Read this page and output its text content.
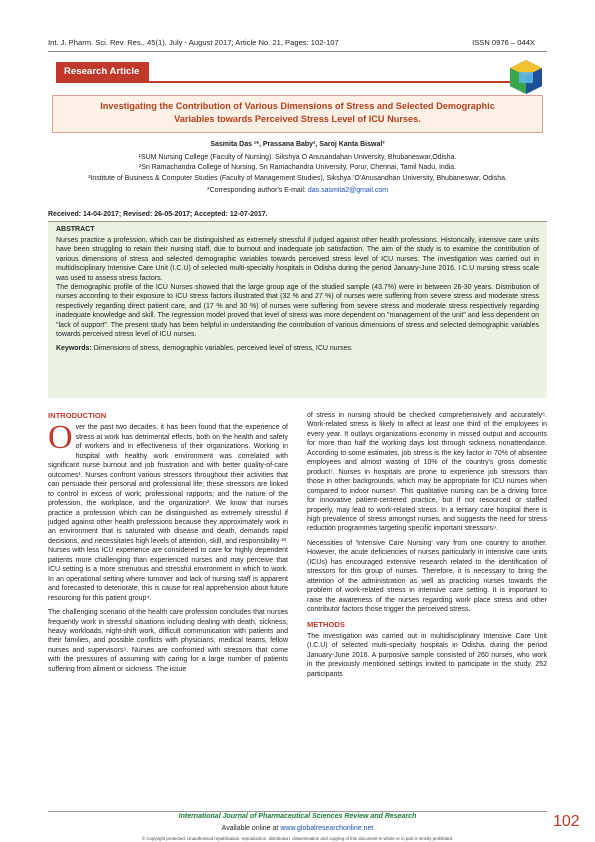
Int. J. Pharm. Sci. Rev. Res., 45(1), July - August 2017; Article No. 21, Pages: 102-107	ISSN 0976 – 044X
Research Article
Investigating the Contribution of Various Dimensions of Stress and Selected Demographic
Variables towards Perceived Stress Level of ICU Nurses.
Sasmita Das ¹*, Prassana Baby², Saroj Kanta Biswal³
¹SUM Nursing College (Faculty of Nursing). Sikshya O Anusandahan University, Bhubaneswar,Odisha.
²Sri Ramachandra College of Nursing, Sri Ramachandra University, Porur, Chennai, Tamil Nadu, India.
³Institute of Business & Computer Studies (Faculty of Management Studies), Sikshya 'O'Anusandhan University, Bhubaneswar, Odisha.
*Corresponding author's E-mail: das.sasmita2@gmail.com
Received: 14-04-2017; Revised: 26-05-2017; Accepted: 12-07-2017.
ABSTRACT

Nurses practice a profession, which can be distinguished as extremely stressful if judged against other health professions. Historically, intensive care units have been struggling to retain their nursing staff, due to burnout and inadequate job satisfaction. The aim of the study is to examine the contribution of various dimensions of stress and selected demographic variables towards perceived stress level of ICU nurses. The investigation was carried out in multidisciplinary Intensive Care Unit (I.C.U) of selected multi-specialty hospitals in Odisha during the period January-June 2016. I.C.U nursing stress scale was used to assess stress factors.

The demographic profile of the ICU Nurses showed that the large group age of the studied sample (43.7%) were in between 26-30 years. Distribution of nurses according to their exposure to ICU stress factors illustrated that (32 % and 27 %) of nurses were suffering from severe stress and moderate stress respectively regarding direct patient care, and (17 % and 30 %) of nurses were suffering from severe stress and moderate stress respectively regarding inadequate knowledge and skill. The regression model proved that level of stress was more dependent on "management of the unit" and less dependent on "lack of support". The present study has been helpful in understanding the contribution of various dimensions of stress and selected demographic variables towards perceived stress level of ICU nurses.

Keywords: Dimensions of stress, demographic variables, perceived level of stress, ICU nurses.
INTRODUCTION

Over the past two decades, it has been found that the experience of stress at work has detrimental effects, both on the health and safety of workers and in effectiveness of their organizations. Working in hospital with healthy work environment was correlated with significant nurse burnout and job frustration and with better quality-of-care outcomes¹. Nurses confront various stressors throughout their activities that can persuade their personal and professional life; these stressors are linked to control in excess of work; professional rapports; and the nature of the profession, the workplace, and the organization². We know that nurses practice a profession which can be distinguished as extremely stressful if judged against other health professions because they approximately work in an environment that is saturated with disease and death, demands rapid decisions, and necessitates high levels of attention, skill, and responsibility ²³. Nurses with less ICU experience are considered to care for highly dependent patients more challenging than experienced nurses and may perceive that ICU setting is a more strenuous and stressful environment in which to work. In an operational setting where turnover and lack of nursing staff is apparent and forecasted to deteriorate, this is cause for real apprehension about future resourcing for this patient group⁴.

The challenging scenario of the health care profession concludes that nurses frequently work in stressful situations including dealing with death, sickness, heavy workloads, night-shift work, difficult communication with patients and their families, and possible conflicts with physicians, medical teams, fellow nurses and supervisors⁵. Nurses are confronted with stressors that come with the pressures of assuming with caring for a large number of patients suffering from ailment or sickness. The issue

of stress in nursing should be checked comprehensively and accurately⁶. Work-related stress is likely to affect at least one third of the employees in every year. It outlays organizations economy in missed output and accounts for more than half the working days lost through sickness nonattendance. According to some estimates, job stress is the key factor in 70% of absentee employees and almost wasting of 10% of the country's gross domestic product⁷. Nurses in hospitals are prone to experience job stressors than those in other backgrounds, which may be appropriate for ICU nurses when compared to indoor nurses⁸. This qualitative nursing can be a driving force for innovative patient-centered practice, but if not resourced or staffed properly, may lead to work-related stress. In a tertiary care hospital there is high prevalence of stress amongst nurses, and suggests the need for stress reduction programmes targeting specific important stressors⁹.

Necessities of 'Intensive Care Nursing' vary from one country to another. However, the acute deficiencies of nurses particularly in intensive care units (ICUs) has encouraged extensive research related to the identification of stressors for this group of nurses. Therefore, it is necessary to bring the attention of the administration as well as practicing nurses towards the problem of work-related stress in intensive care setting. It is important to raise the awareness of the nurses regarding work place stress and other contributor factors those trigger the perceived stress.

METHODS

The investigation was carried out in multidisciplinary Intensive Care Unit (I.C.U) of selected multi-specialty hospitals in Odisha. during the period January-June 2016. A purposive sample consisted of 260 nurses, who work in the previously mentioned settings invited to participate in the study. 252 participants

International Journal of Pharmaceutical Sciences Review and Research
Available online at www.globalresearchonline.net
© Copyright protected. Unauthorised republication, reproduction, distribution, dissemination and copying of this document in whole or in part is strictly prohibited.
102
